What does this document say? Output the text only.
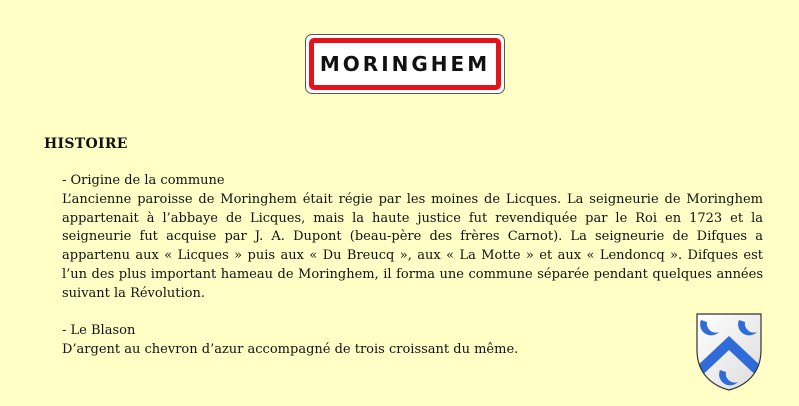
MORINGHEM
HISTOIRE

- Origine de la commune

L’ancienne paroisse de Moringhem était régie par les moines de Licques. La seigneurie de Moringhem appartenait à l’abbaye de Licques, mais la haute justice fut revendiquée par le Roi en 1723 et la seigneurie fut acquise par J. A. Dupont (beau-père des frères Carnot). La seigneurie de Difques a appartenu aux « Licques » puis aux « Du Breucq », aux « La Motte » et aux « Lendoncq ». Difques est l’un des plus important hameau de Moringhem, il forma une commune séparée pendant quelques années suivant la Révolution.

- Le Blason

D’argent au chevron d’azur accompagné de trois croissant du même.
